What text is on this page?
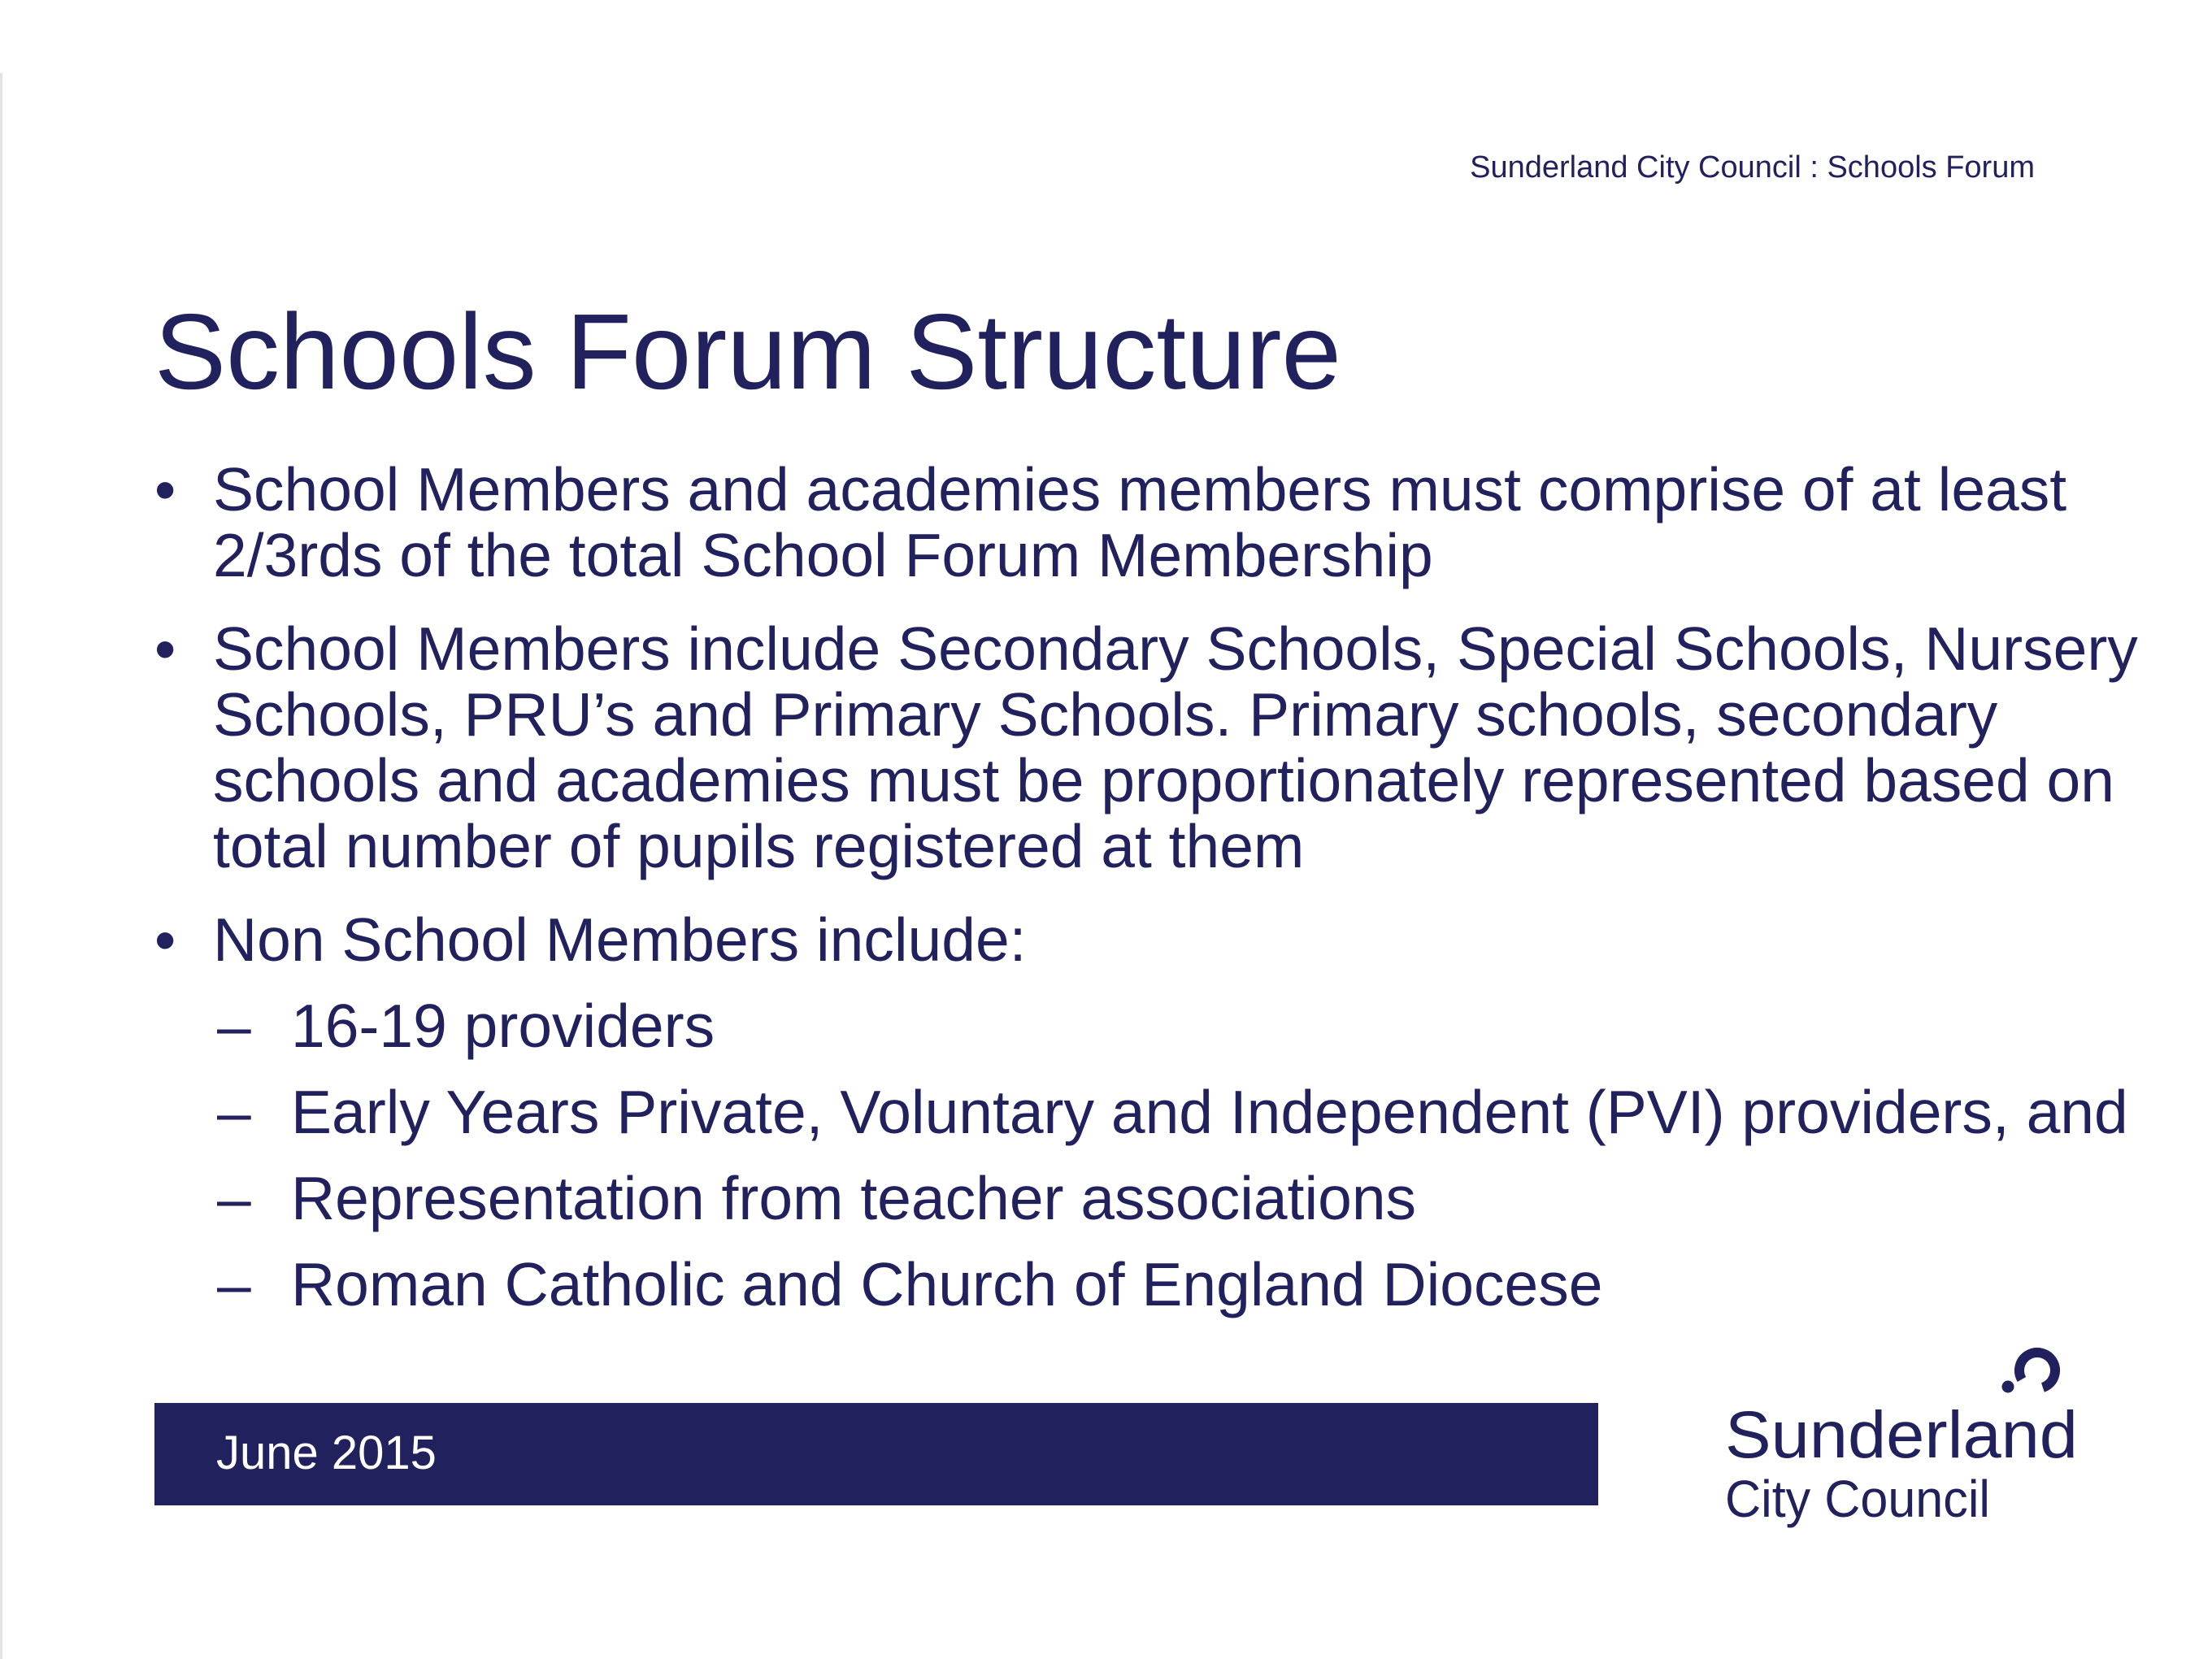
Sunderland City Council : Schools Forum
Schools Forum Structure
• School Members and academies members must comprise of at least 2/3rds of the total School Forum Membership
• School Members include Secondary Schools, Special Schools, Nursery Schools, PRU’s and Primary Schools. Primary schools, secondary schools and academies must be proportionately represented based on total number of pupils registered at them
• Non School Members include:
– 16-19 providers
– Early Years Private, Voluntary and Independent (PVI) providers, and
– Representation from teacher associations
– Roman Catholic and Church of England Diocese
June 2015	Sunderland
City Council
